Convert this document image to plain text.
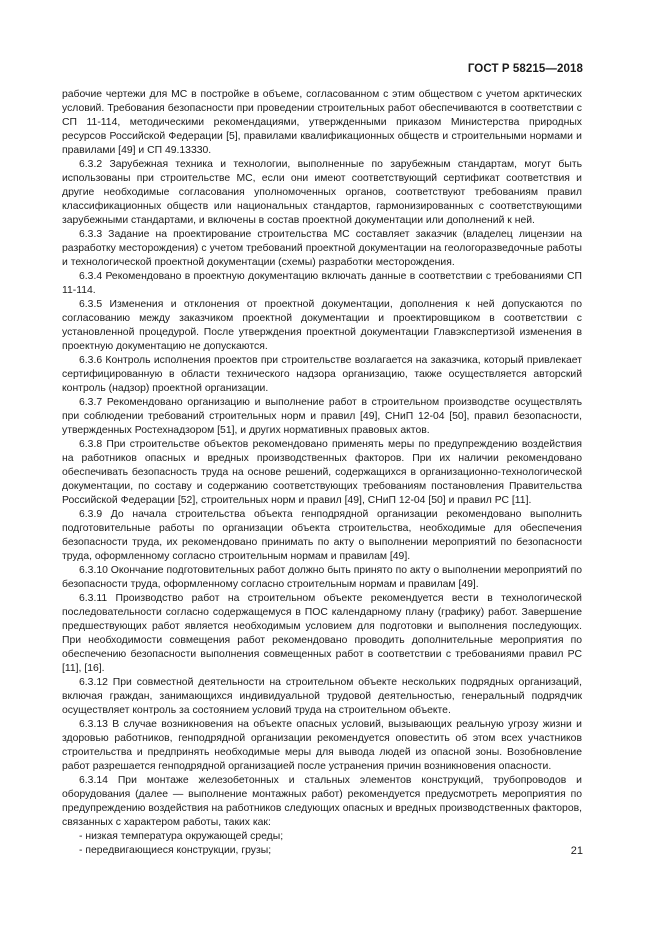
ГОСТ Р 58215—2018

рабочие чертежи для МС в постройке в объеме, согласованном с этим обществом с учетом арктических условий. Требования безопасности при проведении строительных работ обеспечиваются в соответствии с СП 11-114, методическими рекомендациями, утвержденными приказом Министерства природных ресурсов Российской Федерации [5], правилами квалификационных обществ и строительными нормами и правилами [49] и СП 49.13330.

6.3.2 Зарубежная техника и технологии, выполненные по зарубежным стандартам, могут быть использованы при строительстве МС, если они имеют соответствующий сертификат соответствия и другие необходимые согласования уполномоченных органов, соответствуют требованиям правил классификационных обществ или национальных стандартов, гармонизированных с соответствующими зарубежными стандартами, и включены в состав проектной документации или дополнений к ней.

6.3.3 Задание на проектирование строительства МС составляет заказчик (владелец лицензии на разработку месторождения) с учетом требований проектной документации на геологоразведочные работы и технологической проектной документации (схемы) разработки месторождения.

6.3.4 Рекомендовано в проектную документацию включать данные в соответствии с требованиями СП 11-114.

6.3.5 Изменения и отклонения от проектной документации, дополнения к ней допускаются по согласованию между заказчиком проектной документации и проектировщиком в соответствии с установленной процедурой. После утверждения проектной документации Главэкспертизой изменения в проектную документацию не допускаются.

6.3.6 Контроль исполнения проектов при строительстве возлагается на заказчика, который привлекает сертифицированную в области технического надзора организацию, также осуществляется авторский контроль (надзор) проектной организации.

6.3.7 Рекомендовано организацию и выполнение работ в строительном производстве осуществлять при соблюдении требований строительных норм и правил [49], СНиП 12-04 [50], правил безопасности, утвержденных Ростехнадзором [51], и других нормативных правовых актов.

6.3.8 При строительстве объектов рекомендовано применять меры по предупреждению воздействия на работников опасных и вредных производственных факторов. При их наличии рекомендовано обеспечивать безопасность труда на основе решений, содержащихся в организационно-технологической документации, по составу и содержанию соответствующих требованиям постановления Правительства Российской Федерации [52], строительных норм и правил [49], СНиП 12-04 [50] и правил РС [11].

6.3.9 До начала строительства объекта генподрядной организации рекомендовано выполнить подготовительные работы по организации объекта строительства, необходимые для обеспечения безопасности труда, их рекомендовано принимать по акту о выполнении мероприятий по безопасности труда, оформленному согласно строительным нормам и правилам [49].

6.3.10 Окончание подготовительных работ должно быть принято по акту о выполнении мероприятий по безопасности труда, оформленному согласно строительным нормам и правилам [49].

6.3.11 Производство работ на строительном объекте рекомендуется вести в технологической последовательности согласно содержащемуся в ПОС календарному плану (графику) работ. Завершение предшествующих работ является необходимым условием для подготовки и выполнения последующих. При необходимости совмещения работ рекомендовано проводить дополнительные мероприятия по обеспечению безопасности выполнения совмещенных работ в соответствии с требованиями правил РС [11], [16].

6.3.12 При совместной деятельности на строительном объекте нескольких подрядных организаций, включая граждан, занимающихся индивидуальной трудовой деятельностью, генеральный подрядчик осуществляет контроль за состоянием условий труда на строительном объекте.

6.3.13 В случае возникновения на объекте опасных условий, вызывающих реальную угрозу жизни и здоровью работников, генподрядной организации рекомендуется оповестить об этом всех участников строительства и предпринять необходимые меры для вывода людей из опасной зоны. Возобновление работ разрешается генподрядной организацией после устранения причин возникновения опасности.

6.3.14 При монтаже железобетонных и стальных элементов конструкций, трубопроводов и оборудования (далее — выполнение монтажных работ) рекомендуется предусмотреть мероприятия по предупреждению воздействия на работников следующих опасных и вредных производственных факторов, связанных с характером работы, таких как:

- низкая температура окружающей среды;
- передвигающиеся конструкции, грузы;	21
